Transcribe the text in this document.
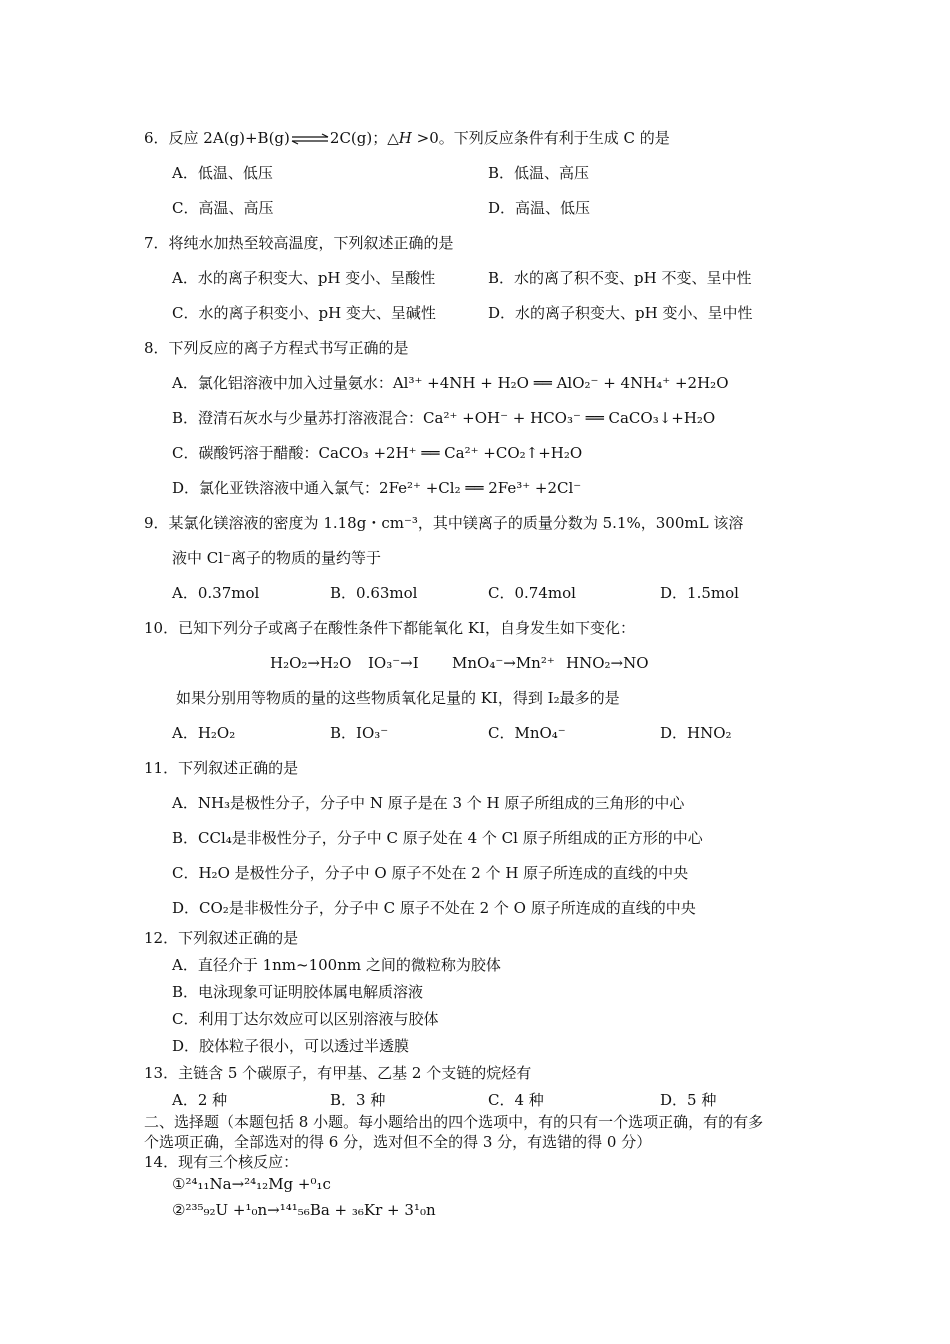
6．反应 2A(g)+B(g)⇌2C(g)；△H >0。下列反应条件有利于生成 C 的是
A．低温、低压	B．低温、高压
C．高温、高压	D．高温、低压
7．将纯水加热至较高温度，下列叙述正确的是
A．水的离子积变大、pH 变小、呈酸性	B．水的离了积不变、pH 不变、呈中性
C．水的离子积变小、pH 变大、呈碱性	D．水的离子积变大、pH 变小、呈中性
8．下列反应的离子方程式书写正确的是
A．氯化铝溶液中加入过量氨水：Al³⁺ +4NH + H₂O ══ AlO₂⁻ + 4NH₄⁺ +2H₂O
B．澄清石灰水与少量苏打溶液混合：Ca²⁺ +OH⁻ + HCO₃⁻ ══ CaCO₃↓+H₂O
C．碳酸钙溶于醋酸：CaCO₃ +2H⁺ ══ Ca²⁺ +CO₂↑+H₂O
D．氯化亚铁溶液中通入氯气：2Fe²⁺ +Cl₂ ══ 2Fe³⁺ +2Cl⁻
9．某氯化镁溶液的密度为 1.18g・cm⁻³，其中镁离子的质量分数为 5.1%，300mL 该溶
液中 Cl⁻离子的物质的量约等于
A．0.37mol	B．0.63mol	C．0.74mol	D．1.5mol
10．已知下列分子或离子在酸性条件下都能氧化 KI，自身发生如下变化：
H₂O₂→H₂O IO₃⁻→I MnO₄⁻→Mn²⁺ HNO₂→NO
如果分别用等物质的量的这些物质氧化足量的 KI，得到 I₂最多的是
A．H₂O₂	B．IO₃⁻	C．MnO₄⁻	D．HNO₂
11．下列叙述正确的是
A．NH₃是极性分子，分子中 N 原子是在 3 个 H 原子所组成的三角形的中心
B．CCl₄是非极性分子，分子中 C 原子处在 4 个 Cl 原子所组成的正方形的中心
C．H₂O 是极性分子，分子中 O 原子不处在 2 个 H 原子所连成的直线的中央
D．CO₂是非极性分子，分子中 C 原子不处在 2 个 O 原子所连成的直线的中央
12．下列叙述正确的是
A．直径介于 1nm~100nm 之间的微粒称为胶体
B．电泳现象可证明胶体属电解质溶液
C．利用丁达尔效应可以区别溶液与胶体
D．胶体粒子很小，可以透过半透膜
13．主链含 5 个碳原子，有甲基、乙基 2 个支链的烷烃有
A．2 种	B．3 种	C．4 种	D．5 种
二、选择题（本题包括 8 小题。每小题给出的四个选项中，有的只有一个选项正确，有的有多
个选项正确，全部选对的得 6 分，选对但不全的得 3 分，有选错的得 0 分）
14．现有三个核反应：
①²⁴₁₁Na→²⁴₁₂Mg +⁰₁c
②²³⁵₉₂U +¹₀n→¹⁴¹₅₆Ba + ₃₆Kr + 3¹₀n
